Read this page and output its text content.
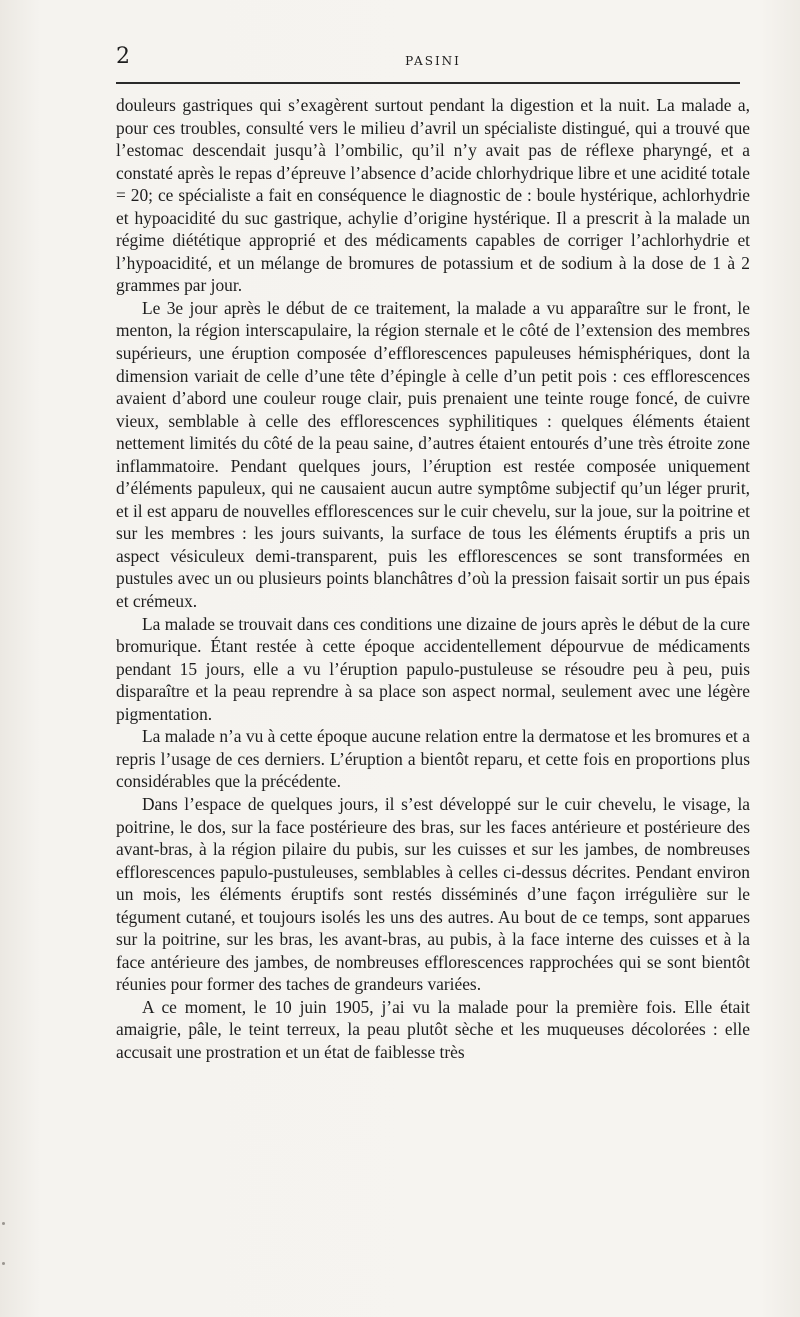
2	PASINI

douleurs gastriques qui s’exagèrent surtout pendant la digestion et la nuit. La malade a, pour ces troubles, consulté vers le milieu d’avril un spécialiste distingué, qui a trouvé que l’estomac descendait jusqu’à l’ombilic, qu’il n’y avait pas de réflexe pharyngé, et a constaté après le repas d’épreuve l’absence d’acide chlorhydrique libre et une acidité totale = 20; ce spécialiste a fait en conséquence le diagnostic de : boule hystérique, achlorhydrie et hypoacidité du suc gastrique, achylie d’origine hystérique. Il a prescrit à la malade un régime diététique approprié et des médicaments capables de corriger l’achlorhydrie et l’hypoacidité, et un mélange de bromures de potassium et de sodium à la dose de 1 à 2 grammes par jour.

Le 3e jour après le début de ce traitement, la malade a vu apparaître sur le front, le menton, la région interscapulaire, la région sternale et le côté de l’extension des membres supérieurs, une éruption composée d’efflorescences papuleuses hémisphériques, dont la dimension variait de celle d’une tête d’épingle à celle d’un petit pois : ces efflorescences avaient d’abord une couleur rouge clair, puis prenaient une teinte rouge foncé, de cuivre vieux, semblable à celle des efflorescences syphilitiques : quelques éléments étaient nettement limités du côté de la peau saine, d’autres étaient entourés d’une très étroite zone inflammatoire. Pendant quelques jours, l’éruption est restée composée uniquement d’éléments papuleux, qui ne causaient aucun autre symptôme subjectif qu’un léger prurit, et il est apparu de nouvelles efflorescences sur le cuir chevelu, sur la joue, sur la poitrine et sur les membres : les jours suivants, la surface de tous les éléments éruptifs a pris un aspect vésiculeux demi-transparent, puis les efflorescences se sont transformées en pustules avec un ou plusieurs points blanchâtres d’où la pression faisait sortir un pus épais et crémeux.

La malade se trouvait dans ces conditions une dizaine de jours après le début de la cure bromurique. Étant restée à cette époque accidentellement dépourvue de médicaments pendant 15 jours, elle a vu l’éruption papulo-pustuleuse se résoudre peu à peu, puis disparaître et la peau reprendre à sa place son aspect normal, seulement avec une légère pigmentation.

La malade n’a vu à cette époque aucune relation entre la dermatose et les bromures et a repris l’usage de ces derniers. L’éruption a bientôt reparu, et cette fois en proportions plus considérables que la précédente.

Dans l’espace de quelques jours, il s’est développé sur le cuir chevelu, le visage, la poitrine, le dos, sur la face postérieure des bras, sur les faces antérieure et postérieure des avant-bras, à la région pilaire du pubis, sur les cuisses et sur les jambes, de nombreuses efflorescences papulo-pustuleuses, semblables à celles ci-dessus décrites. Pendant environ un mois, les éléments éruptifs sont restés disséminés d’une façon irrégulière sur le tégument cutané, et toujours isolés les uns des autres. Au bout de ce temps, sont apparues sur la poitrine, sur les bras, les avant-bras, au pubis, à la face interne des cuisses et à la face antérieure des jambes, de nombreuses efflorescences rapprochées qui se sont bientôt réunies pour former des taches de grandeurs variées.

A ce moment, le 10 juin 1905, j’ai vu la malade pour la première fois. Elle était amaigrie, pâle, le teint terreux, la peau plutôt sèche et les muqueuses décolorées : elle accusait une prostration et un état de faiblesse très
